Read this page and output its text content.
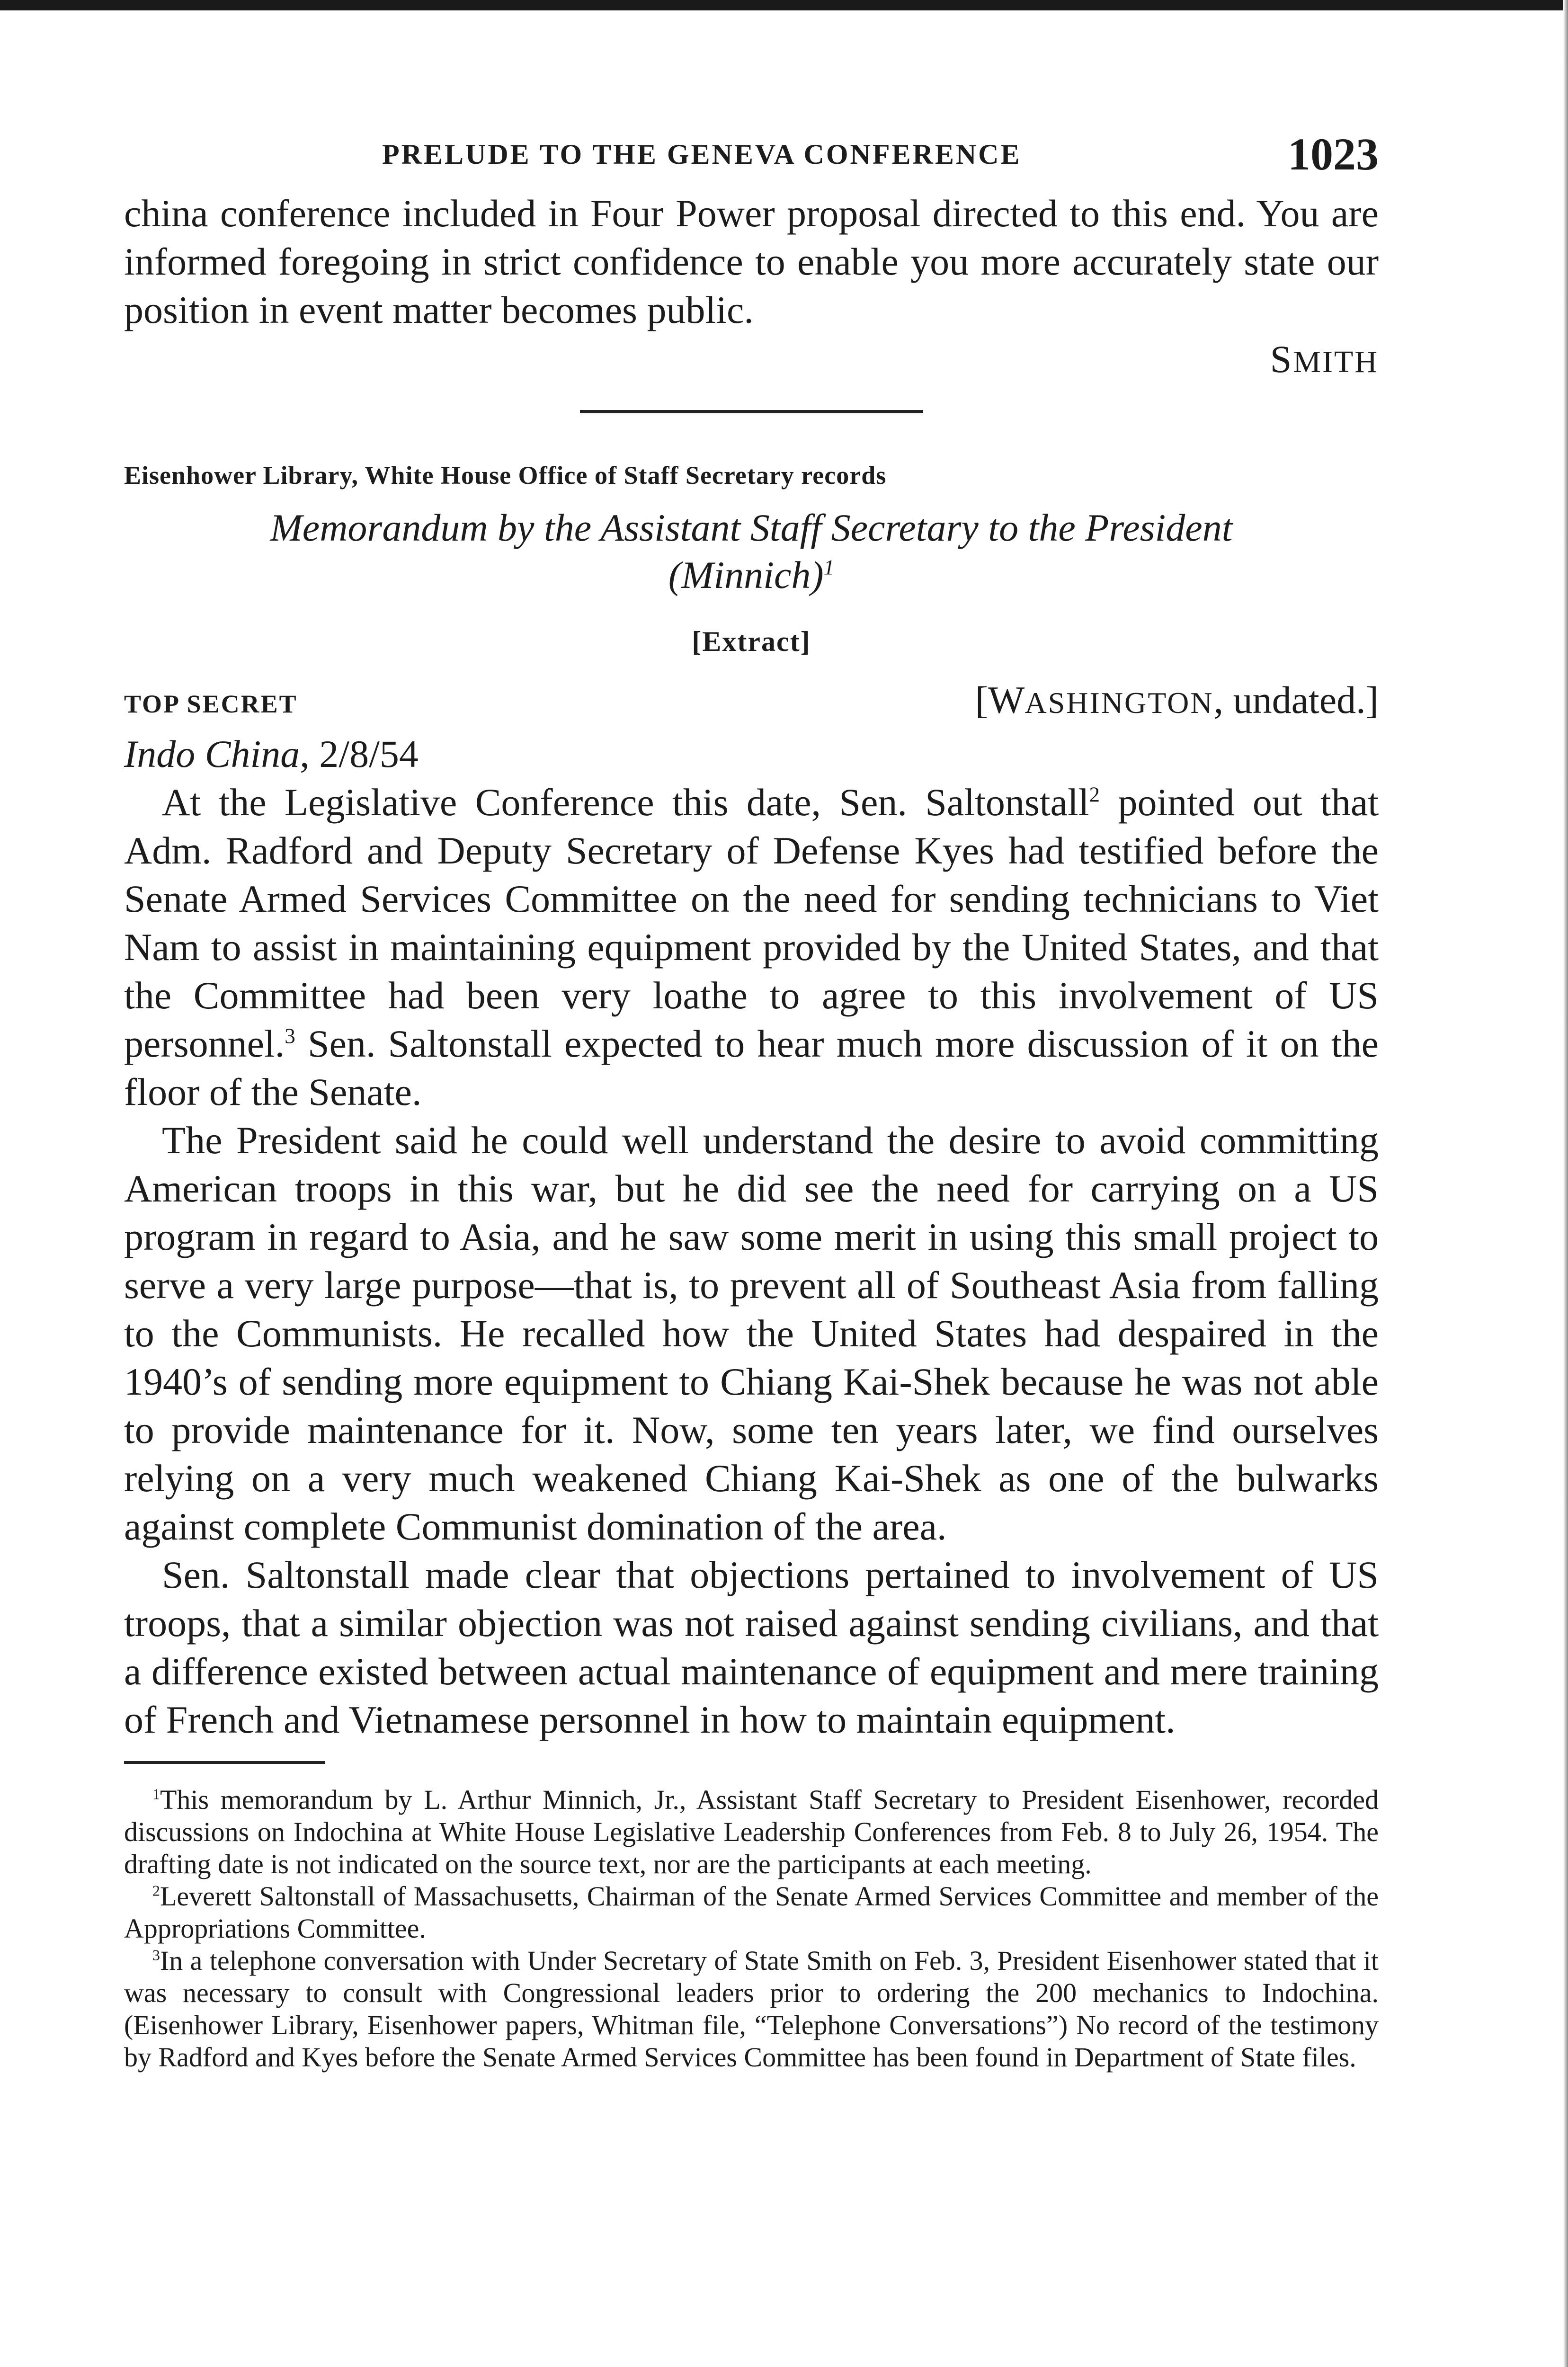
PRELUDE TO THE GENEVA CONFERENCE	1023

china conference included in Four Power proposal directed to this end. You are informed foregoing in strict confidence to enable you more accurately state our position in event matter becomes public.

SMITH
Eisenhower Library, White House Office of Staff Secretary records
Memorandum by the Assistant Staff Secretary to the President
(Minnich)$^1$
[Extract]
TOP SECRET	[WASHINGTON, undated.]
Indo China, 2/8/54

At the Legislative Conference this date, Sen. Saltonstall$^2$ pointed out that Adm. Radford and Deputy Secretary of Defense Kyes had testified before the Senate Armed Services Committee on the need for sending technicians to Viet Nam to assist in maintaining equipment provided by the United States, and that the Committee had been very loathe to agree to this involvement of US personnel.$^3$ Sen. Saltonstall expected to hear much more discussion of it on the floor of the Senate.

The President said he could well understand the desire to avoid committing American troops in this war, but he did see the need for carrying on a US program in regard to Asia, and he saw some merit in using this small project to serve a very large purpose—that is, to prevent all of Southeast Asia from falling to the Communists. He recalled how the United States had despaired in the 1940’s of sending more equipment to Chiang Kai-Shek because he was not able to provide maintenance for it. Now, some ten years later, we find ourselves relying on a very much weakened Chiang Kai-Shek as one of the bulwarks against complete Communist domination of the area.

Sen. Saltonstall made clear that objections pertained to involvement of US troops, that a similar objection was not raised against sending civilians, and that a difference existed between actual maintenance of equipment and mere training of French and Vietnamese personnel in how to maintain equipment.

$^1$This memorandum by L. Arthur Minnich, Jr., Assistant Staff Secretary to President Eisenhower, recorded discussions on Indochina at White House Legislative Leadership Conferences from Feb. 8 to July 26, 1954. The drafting date is not indicated on the source text, nor are the participants at each meeting.

$^2$Leverett Saltonstall of Massachusetts, Chairman of the Senate Armed Services Committee and member of the Appropriations Committee.

$^3$In a telephone conversation with Under Secretary of State Smith on Feb. 3, President Eisenhower stated that it was necessary to consult with Congressional leaders prior to ordering the 200 mechanics to Indochina. (Eisenhower Library, Eisenhower papers, Whitman file, “Telephone Conversations”) No record of the testimony by Radford and Kyes before the Senate Armed Services Committee has been found in Department of State files.
